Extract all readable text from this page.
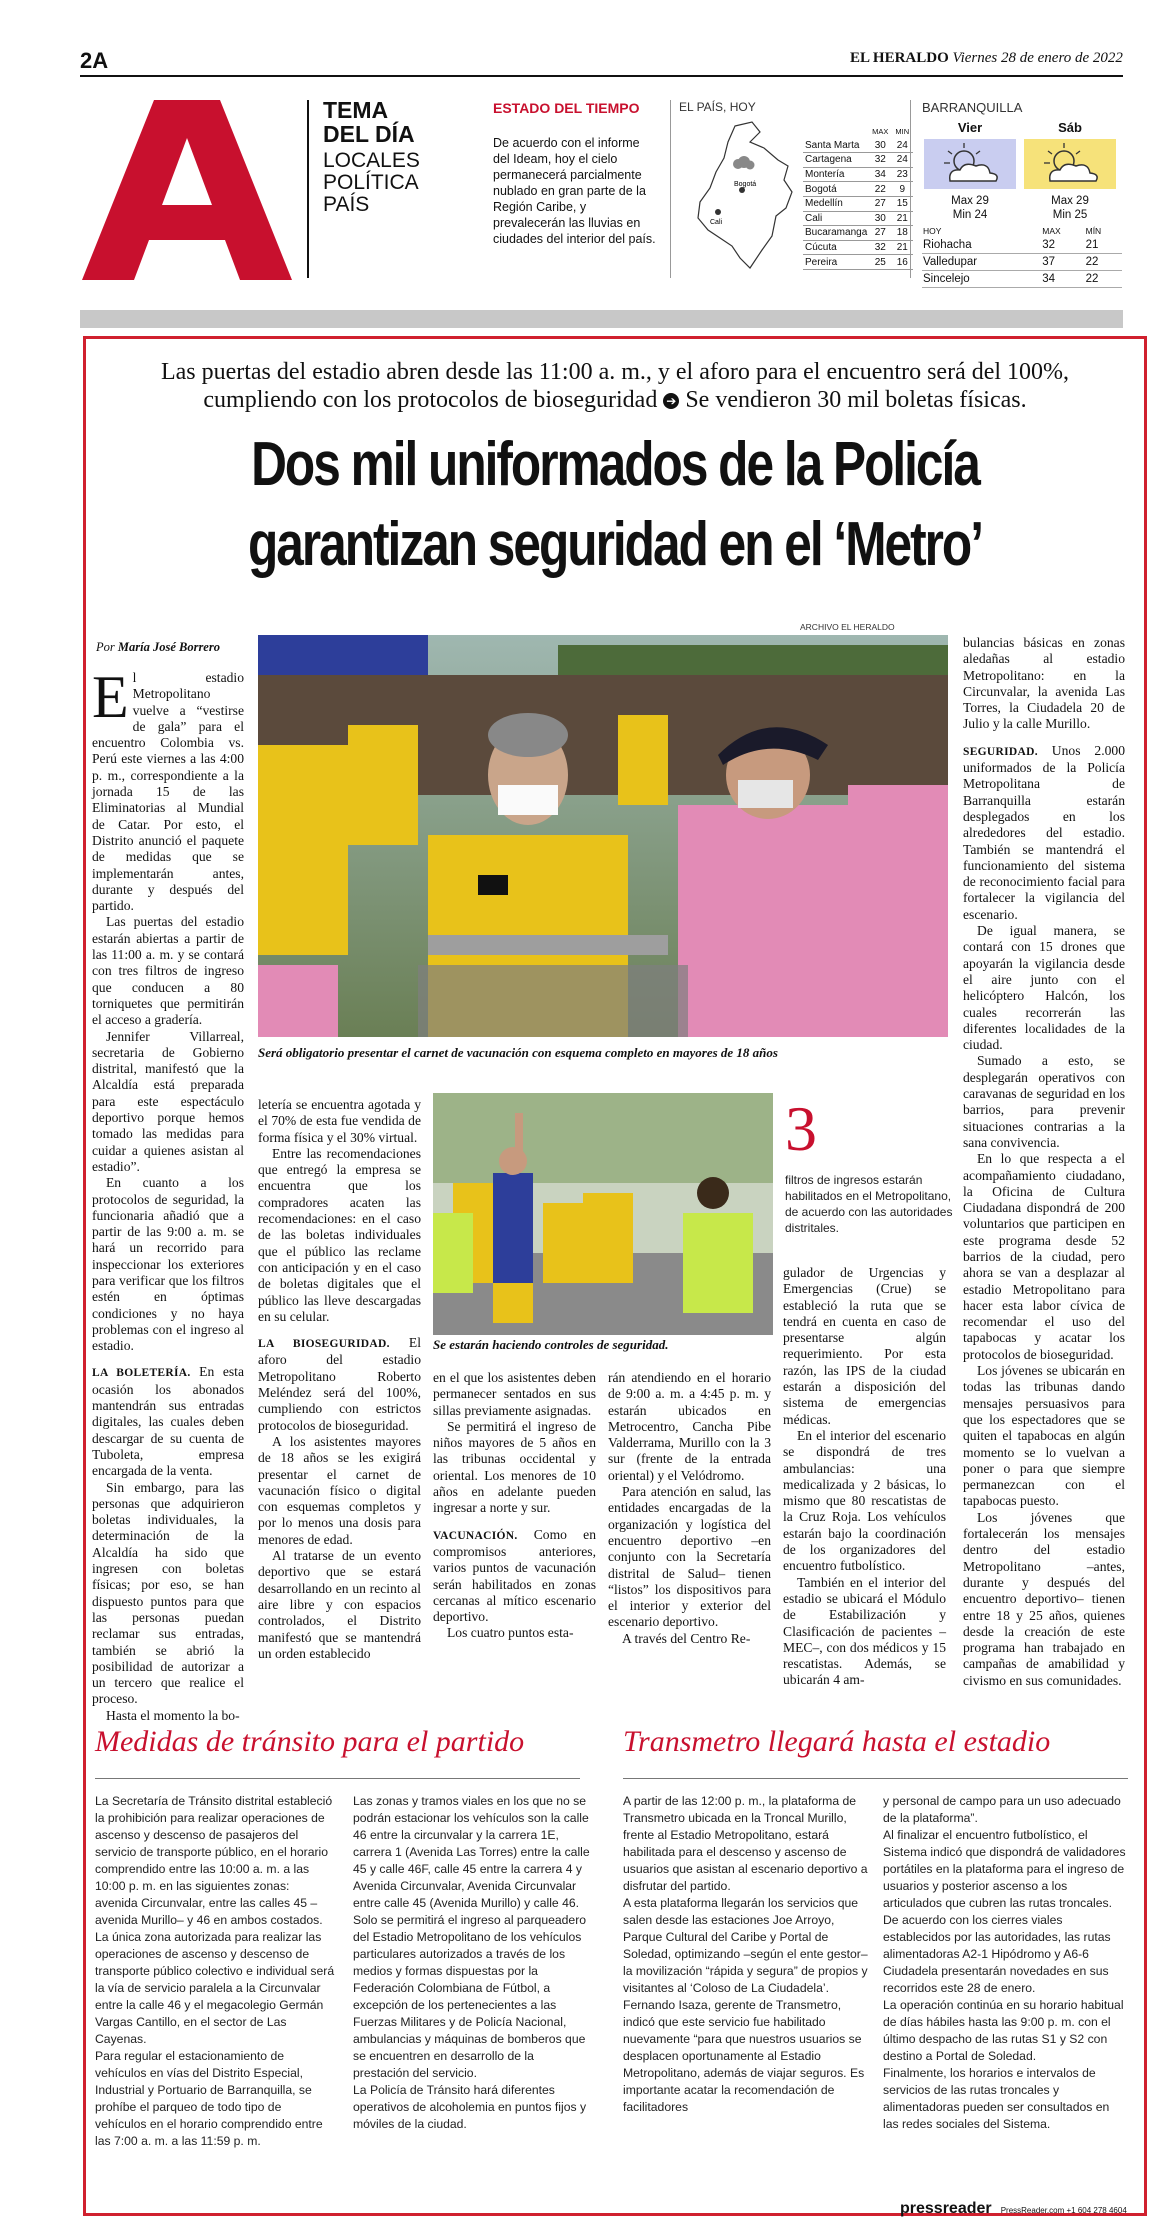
2A	EL HERALDO Viernes 28 de enero de 2022
TEMA
DEL DÍA
LOCALES
POLÍTICA
PAÍS
ESTADO DEL TIEMPO
De acuerdo con el informe del Ideam, hoy el cielo permanecerá parcialmente nublado en gran parte de la Región Caribe, y prevalecerán las lluvias en ciudades del interior del país.
EL PAÍS, HOY
Bogotá
Cali
	MAX	MIN
Santa Marta	30	24
Cartagena	32	24
Montería	34	23
Bogotá	22	9
Medellín	27	15
Cali	30	21
Bucaramanga	27	18
Cúcuta	32	21
Pereira	25	16
BARRANQUILLA
Vier
Max 29
Min 24
Sáb
Max 29
Min 25
HOY	MAX	MÍN
Riohacha	32	21
Valledupar	37	22
Sincelejo	34	22
Las puertas del estadio abren desde las 11:00 a. m., y el aforo para el encuentro será del 100%,
cumpliendo con los protocolos de bioseguridad ➔ Se vendieron 30 mil boletas físicas.
Dos mil uniformados de la Policía
garantizan seguridad en el ‘Metro’
ARCHIVO EL HERALDO
Será obligatorio presentar el carnet de vacunación con esquema completo en mayores de 18 años
Se estarán haciendo controles de seguridad.
3
filtros de ingresos estarán habilitados en el Metropolitano, de acuerdo con las autoridades distritales.
Por María José Borrero

El estadio Metropolitano vuelve a “vestirse de gala” para el encuentro Colombia vs. Perú este viernes a las 4:00 p. m., correspondiente a la jornada 15 de las Eliminatorias al Mundial de Catar. Por esto, el Distrito anunció el paquete de medidas que se implementarán antes, durante y después del partido.

Las puertas del estadio estarán abiertas a partir de las 11:00 a. m. y se contará con tres filtros de ingreso que conducen a 80 torniquetes que permitirán el acceso a gradería.

Jennifer Villarreal, secretaria de Gobierno distrital, manifestó que la Alcaldía está preparada para este espectáculo deportivo porque hemos tomado las medidas para cuidar a quienes asistan al estadio”.

En cuanto a los protocolos de seguridad, la funcionaria añadió que a partir de las 9:00 a. m. se hará un recorrido para inspeccionar los exteriores para verificar que los filtros estén en óptimas condiciones y no haya problemas con el ingreso al estadio.

LA BOLETERÍA. En esta ocasión los abonados mantendrán sus entradas digitales, las cuales deben descargar de su cuenta de Tuboleta, empresa encargada de la venta.

Sin embargo, para las personas que adquirieron boletas individuales, la determinación de la Alcaldía ha sido que ingresen con boletas físicas; por eso, se han dispuesto puntos para que las personas puedan reclamar sus entradas, también se abrió la posibilidad de autorizar a un tercero que realice el proceso.

Hasta el momento la bo-

letería se encuentra agotada y el 70% de esta fue vendida de forma física y el 30% virtual.

Entre las recomendaciones que entregó la empresa se encuentra que los compradores acaten las recomendaciones: en el caso de las boletas individuales que el público las reclame con anticipación y en el caso de boletas digitales que el público las lleve descargadas en su celular.

LA BIOSEGURIDAD. El aforo del estadio Metropolitano Roberto Meléndez será del 100%, cumpliendo con estrictos protocolos de bioseguridad.

A los asistentes mayores de 18 años se les exigirá presentar el carnet de vacunación físico o digital con esquemas completos y por lo menos una dosis para menores de edad.

Al tratarse de un evento deportivo que se estará desarrollando en un recinto al aire libre y con espacios controlados, el Distrito manifestó que se mantendrá un orden establecido

en el que los asistentes deben permanecer sentados en sus sillas previamente asignadas.

Se permitirá el ingreso de niños mayores de 5 años en las tribunas occidental y oriental. Los menores de 10 años en adelante pueden ingresar a norte y sur.

VACUNACIÓN. Como en compromisos anteriores, varios puntos de vacunación serán habilitados en zonas cercanas al mítico escenario deportivo.

Los cuatro puntos esta-

rán atendiendo en el horario de 9:00 a. m. a 4:45 p. m. y estarán ubicados en Metrocentro, Cancha Pibe Valderrama, Murillo con la 3 sur (frente de la entrada oriental) y el Velódromo.

Para atención en salud, las entidades encargadas de la organización y logística del encuentro deportivo –en conjunto con la Secretaría distrital de Salud– tienen “listos” los dispositivos para el interior y exterior del escenario deportivo.

A través del Centro Re-

gulador de Urgencias y Emergencias (Crue) se estableció la ruta que se tendrá en cuenta en caso de presentarse algún requerimiento. Por esta razón, las IPS de la ciudad estarán a disposición del sistema de emergencias médicas.

En el interior del escenario se dispondrá de tres ambulancias: una medicalizada y 2 básicas, lo mismo que 80 rescatistas de la Cruz Roja. Los vehículos estarán bajo la coordinación de los organizadores del encuentro futbolístico.

También en el interior del estadio se ubicará el Módulo de Estabilización y Clasificación de pacientes –MEC–, con dos médicos y 15 rescatistas. Además, se ubicarán 4 am-

bulancias básicas en zonas aledañas al estadio Metropolitano: en la Circunvalar, la avenida Las Torres, la Ciudadela 20 de Julio y la calle Murillo.

SEGURIDAD. Unos 2.000 uniformados de la Policía Metropolitana de Barranquilla estarán desplegados en los alrededores del estadio. También se mantendrá el funcionamiento del sistema de reconocimiento facial para fortalecer la vigilancia del escenario.

De igual manera, se contará con 15 drones que apoyarán la vigilancia desde el aire junto con el helicóptero Halcón, los cuales recorrerán las diferentes localidades de la ciudad.

Sumado a esto, se desplegarán operativos con caravanas de seguridad en los barrios, para prevenir situaciones contrarias a la sana convivencia.

En lo que respecta a el acompañamiento ciudadano, la Oficina de Cultura Ciudadana dispondrá de 200 voluntarios que participen en este programa desde 52 barrios de la ciudad, pero ahora se van a desplazar al estadio Metropolitano para hacer esta labor cívica de recomendar el uso del tapabocas y acatar los protocolos de bioseguridad.

Los jóvenes se ubicarán en todas las tribunas dando mensajes persuasivos para que los espectadores que se quiten el tapabocas en algún momento se lo vuelvan a poner o para que siempre permanezcan con el tapabocas puesto.

Los jóvenes que fortalecerán los mensajes dentro del estadio Metropolitano –antes, durante y después del encuentro deportivo– tienen entre 18 y 25 años, quienes desde la creación de este programa han trabajado en campañas de amabilidad y civismo en sus comunidades.

Medidas de tránsito para el partido

La Secretaría de Tránsito distrital estableció la prohibición para realizar operaciones de ascenso y descenso de pasajeros del servicio de transporte público, en el horario comprendido entre las 10:00 a. m. a las 10:00 p. m. en las siguientes zonas: avenida Circunvalar, entre las calles 45 –avenida Murillo– y 46 en ambos costados.

La única zona autorizada para realizar las operaciones de ascenso y descenso de transporte público colectivo e individual será la vía de servicio paralela a la Circunvalar entre la calle 46 y el megacolegio Germán Vargas Cantillo, en el sector de Las Cayenas.

Para regular el estacionamiento de vehículos en vías del Distrito Especial, Industrial y Portuario de Barranquilla, se prohíbe el parqueo de todo tipo de vehículos en el horario comprendido entre las 7:00 a. m. a las 11:59 p. m.

Las zonas y tramos viales en los que no se podrán estacionar los vehículos son la calle 46 entre la circunvalar y la carrera 1E, carrera 1 (Avenida Las Torres) entre la calle 45 y calle 46F, calle 45 entre la carrera 4 y Avenida Circunvalar, Avenida Circunvalar entre calle 45 (Avenida Murillo) y calle 46.

Solo se permitirá el ingreso al parqueadero del Estadio Metropolitano de los vehículos particulares autorizados a través de los medios y formas dispuestas por la Federación Colombiana de Fútbol, a excepción de los pertenecientes a las Fuerzas Militares y de Policía Nacional, ambulancias y máquinas de bomberos que se encuentren en desarrollo de la prestación del servicio.

La Policía de Tránsito hará diferentes operativos de alcoholemia en puntos fijos y móviles de la ciudad.

Transmetro llegará hasta el estadio

A partir de las 12:00 p. m., la plataforma de Transmetro ubicada en la Troncal Murillo, frente al Estadio Metropolitano, estará habilitada para el descenso y ascenso de usuarios que asistan al escenario deportivo a disfrutar del partido.

A esta plataforma llegarán los servicios que salen desde las estaciones Joe Arroyo, Parque Cultural del Caribe y Portal de Soledad, optimizando –según el ente gestor– la movilización “rápida y segura” de propios y visitantes al ‘Coloso de La Ciudadela’.

Fernando Isaza, gerente de Transmetro, indicó que este servicio fue habilitado nuevamente “para que nuestros usuarios se desplacen oportunamente al Estadio Metropolitano, además de viajar seguros. Es importante acatar la recomendación de facilitadores

y personal de campo para un uso adecuado de la plataforma”.

Al finalizar el encuentro futbolístico, el Sistema indicó que dispondrá de validadores portátiles en la plataforma para el ingreso de usuarios y posterior ascenso a los articulados que cubren las rutas troncales.

De acuerdo con los cierres viales establecidos por las autoridades, las rutas alimentadoras A2-1 Hipódromo y A6-6 Ciudadela presentarán novedades en sus recorridos este 28 de enero.

La operación continúa en su horario habitual de días hábiles hasta las 9:00 p. m. con el último despacho de las rutas S1 y S2 con destino a Portal de Soledad.

Finalmente, los horarios e intervalos de servicios de las rutas troncales y alimentadoras pueden ser consultados en las redes sociales del Sistema.

pressreader PressReader.com +1 604 278 4604
